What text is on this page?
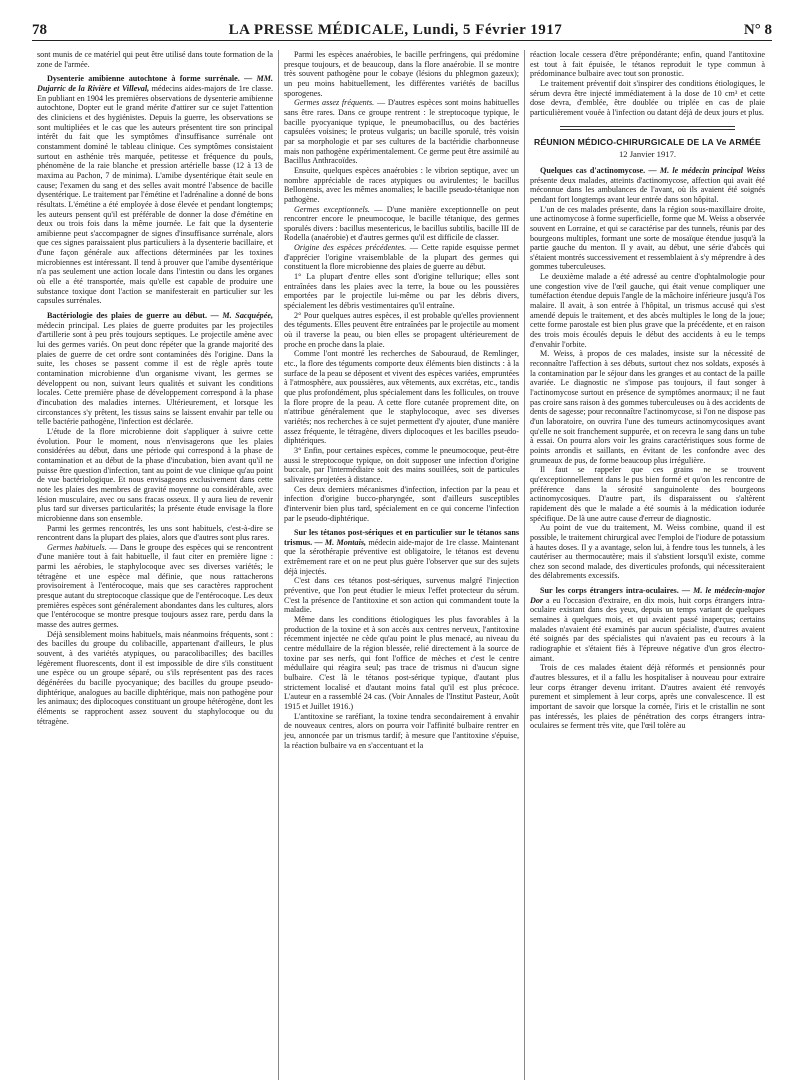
78	LA PRESSE MÉDICALE, Lundi, 5 Février 1917	N° 8

sont munis de ce matériel qui peut être utilisé dans toute formation de la zone de l'armée.

Dysenterie amibienne autochtone à forme surrénale. — MM. Dujarric de la Rivière et Villeval, médecins aides-majors de 1re classe. En publiant en 1904 les premières observations de dysenterie amibienne autochtone, Dopter eut le grand mérite d'attirer sur ce sujet l'attention des cliniciens et des hygiénistes. Depuis la guerre, les observations se sont multipliées et le cas que les auteurs présentent tire son principal intérêt du fait que les symptômes d'insuffisance surrénale ont constamment dominé le tableau clinique. Ces symptômes consistaient surtout en asthénie très marquée, petitesse et fréquence du pouls, phénomène de la raie blanche et pression artérielle basse (12 à 13 de maxima au Pachon, 7 de minima). L'amibe dysentérique était seule en cause; l'examen du sang et des selles avait montré l'absence de bacille dysentérique. Le traitement par l'émétine et l'adrénaline a donné de bons résultats. L'émétine a été employée à dose élevée et pendant longtemps; les auteurs pensent qu'il est préférable de donner la dose d'émétine en deux ou trois fois dans la même journée. Le fait que la dysenterie amibienne peut s'accompagner de signes d'insuffisance surrénale, alors que ces signes paraissaient plus particuliers à la dysenterie bacillaire, et d'une façon générale aux affections déterminées par les toxines microbiennes est intéressant. Il tend à prouver que l'amibe dysentérique n'a pas seulement une action locale dans l'intestin ou dans les organes où elle a été transportée, mais qu'elle est capable de produire une substance toxique dont l'action se manifesterait en particulier sur les capsules surrénales.

Bactériologie des plaies de guerre au début. — M. Sacquépée, médecin principal. Les plaies de guerre produites par les projectiles d'artillerie sont à peu près toujours septiques. Le projectile amène avec lui des germes variés. On peut donc répéter que la grande majorité des plaies de guerre de cet ordre sont contaminées dès l'origine. Dans la suite, les choses se passent comme il est de règle après toute contamination microbienne d'un organisme vivant, les germes se développent ou non, suivant leurs qualités et suivant les conditions locales. Cette première phase de développement correspond à la phase d'incubation des maladies internes. Ultérieurement, et lorsque les circonstances s'y prêtent, les tissus sains se laissent envahir par telle ou telle bactérie pathogène, l'infection est déclarée.

L'étude de la flore microbienne doit s'appliquer à suivre cette évolution. Pour le moment, nous n'envisagerons que les plaies considérées au début, dans une période qui correspond à la phase de contamination et au début de la phase d'incubation, bien avant qu'il ne puisse être question d'infection, tant au point de vue clinique qu'au point de vue bactériologique. Et nous envisageons exclusivement dans cette note les plaies des membres de gravité moyenne ou considérable, avec lésion musculaire, avec ou sans fracas osseux. Il y aura lieu de revenir plus tard sur diverses particularités; la présente étude envisage la flore microbienne dans son ensemble.

Parmi les germes rencontrés, les uns sont habituels, c'est-à-dire se rencontrent dans la plupart des plaies, alors que d'autres sont plus rares.

Germes habituels. — Dans le groupe des espèces qui se rencontrent d'une manière tout à fait habituelle, il faut citer en première ligne : parmi les aérobies, le staphylocoque avec ses diverses variétés; le tétragène et une espèce mal définie, que nous rattacherons provisoirement à l'entérocoque, mais que ses caractères rapprochent presque autant du streptocoque classique que de l'entérocoque. Les deux premières espèces sont généralement abondantes dans les cultures, alors que l'entérocoque se montre presque toujours assez rare, perdu dans la masse des autres germes.

Déjà sensiblement moins habituels, mais néanmoins fréquents, sont : des bacilles du groupe du colibacille, appartenant d'ailleurs, le plus souvent, à des variétés atypiques, ou paracolibacilles; des bacilles légèrement fluorescents, dont il est impossible de dire s'ils constituent une espèce ou un groupe séparé, ou s'ils représentent pas des races dégénérées du bacille pyocyanique; des bacilles du groupe pseudo-diphtérique, analogues au bacille diphtérique, mais non pathogène pour les animaux; des diplocoques constituant un groupe hétérogène, dont les éléments se rapprochent assez souvent du staphylocoque ou du tétragène.

Parmi les espèces anaérobies, le bacille perfringens, qui prédomine presque toujours, et de beaucoup, dans la flore anaérobie. Il se montre très souvent pathogène pour le cobaye (lésions du phlegmon gazeux); un peu moins habituellement, les différentes variétés de bacillus sporogenes.

Germes assez fréquents. — D'autres espèces sont moins habituelles sans être rares. Dans ce groupe rentrent : le streptocoque typique, le bacille pyocyanique typique, le pneumobacillus, ou des bactéries capsulées voisines; le proteus vulgaris; un bacille sporulé, très voisin par sa morphologie et par ses cultures de la bactéridie charbonneuse mais non pathogène expérimentalement. Ce germe peut être assimilé au Bacillus Anthracoïdes.

Ensuite, quelques espèces anaérobies : le vibrion septique, avec un nombre appréciable de races atypiques ou avirulentes; le bacillus Bellonensis, avec les mêmes anomalies; le bacille pseudo-tétanique non pathogène.

Germes exceptionnels. — D'une manière exceptionnelle on peut rencontrer encore le pneumocoque, le bacille tétanique, des germes sporulés divers : bacillus mesentericus, le bacillus subtilis, bacille III de Rodella (anaérobie) et d'autres germes qu'il est difficile de classer.

Origine des espèces précédentes. — Cette rapide esquisse permet d'apprécier l'origine vraisemblable de la plupart des germes qui constituent la flore microbienne des plaies de guerre au début.

1° La plupart d'entre elles sont d'origine tellurique; elles sont entraînées dans les plaies avec la terre, la boue ou les poussières emportées par le projectile lui-même ou par les débris divers, spécialement les débris vestimentaires qu'il entraîne.

2° Pour quelques autres espèces, il est probable qu'elles proviennent des téguments. Elles peuvent être entraînées par le projectile au moment où il traverse la peau, ou bien elles se propagent ultérieurement de proche en proche dans la plaie.

Comme l'ont montré les recherches de Sabouraud, de Remlinger, etc., la flore des téguments comporte deux éléments bien distincts : à la surface de la peau se déposent et vivent des espèces variées, empruntées à l'atmosphère, aux poussières, aux vêtements, aux excrétas, etc., tandis que plus profondément, plus spécialement dans les follicules, on trouve la flore propre de la peau. A cette flore cutanée proprement dite, on n'attribue généralement que le staphylocoque, avec ses diverses variétés; nos recherches à ce sujet permettent d'y ajouter, d'une manière assez fréquente, le tétragène, divers diplocoques et les bacilles pseudo-diphtériques.

3° Enfin, pour certaines espèces, comme le pneumocoque, peut-être aussi le streptocoque typique, on doit supposer une infection d'origine buccale, par l'intermédiaire soit des mains souillées, soit de particules salivaires projetées à distance.

Ces deux derniers mécanismes d'infection, infection par la peau et infection d'origine bucco-pharyngée, sont d'ailleurs susceptibles d'intervenir bien plus tard, spécialement en ce qui concerne l'infection par le pseudo-diphtérique.

Sur les tétanos post-sériques et en particulier sur le tétanos sans trismus. — M. Montais, médecin aide-major de 1re classe. Maintenant que la sérothérapie préventive est obligatoire, le tétanos est devenu extrêmement rare et on ne peut plus guère l'observer que sur des sujets déjà injectés.

C'est dans ces tétanos post-sériques, survenus malgré l'injection préventive, que l'on peut étudier le mieux l'effet protecteur du sérum. C'est la présence de l'antitoxine et son action qui commandent toute la maladie.

Même dans les conditions étiologiques les plus favorables à la production de la toxine et à son accès aux centres nerveux, l'antitoxine récemment injectée ne cède qu'au point le plus menacé, au niveau du centre médullaire de la région blessée, relié directement à la source de toxine par ses nerfs, qui font l'office de mèches et c'est le centre médullaire qui réagira seul; pas trace de trismus ni d'aucun signe bulbaire. C'est là le tétanos post-sérique typique, d'autant plus strictement localisé et d'autant moins fatal qu'il est plus précoce. L'auteur en a rassemblé 24 cas. (Voir Annales de l'Institut Pasteur, Août 1915 et Juillet 1916.)

L'antitoxine se raréfiant, la toxine tendra secondairement à envahir de nouveaux centres, alors on pourra voir l'affinité bulbaire rentrer en jeu, annoncée par un trismus tardif; à mesure que l'antitoxine s'épuise, la réaction bulbaire va en s'accentuant et la

réaction locale cessera d'être prépondérante; enfin, quand l'antitoxine est tout à fait épuisée, le tétanos reproduit le type commun à prédominance bulbaire avec tout son pronostic.

Le traitement préventif doit s'inspirer des conditions étiologiques, le sérum devra être injecté immédiatement à la dose de 10 cm³ et cette dose devra, d'emblée, être doublée ou triplée en cas de plaie particulièrement vouée à l'infection ou datant déjà de deux jours et plus.

RÉUNION MÉDICO-CHIRURGICALE DE LA Ve ARMÉE
12 Janvier 1917.

Quelques cas d'actinomycose. — M. le médecin principal Weiss présente deux malades, atteints d'actinomycose, affection qui avait été méconnue dans les ambulances de l'avant, où ils avaient été soignés pendant fort longtemps avant leur entrée dans son hôpital.

L'un de ces malades présente, dans la région sous-maxillaire droite, une actinomycose à forme superficielle, forme que M. Weiss a observée souvent en Lorraine, et qui se caractérise par des tunnels, réunis par des bourgeons multiples, formant une sorte de mosaïque étendue jusqu'à la partie gauche du menton. Il y avait, au début, une série d'abcès qui s'étaient montrés successivement et ressemblaient à s'y méprendre à des gommes tuberculeuses.

Le deuxième malade a été adressé au centre d'ophtalmologie pour une congestion vive de l'œil gauche, qui était venue compliquer une tuméfaction étendue depuis l'angle de la mâchoire inférieure jusqu'à l'os malaire. Il avait, à son entrée à l'hôpital, un trismus accusé qui s'est amendé depuis le traitement, et des abcès multiples le long de la joue; cette forme parostale est bien plus grave que la précédente, et en raison des trois mois écoulés depuis le début des accidents à eu le temps d'envahir l'orbite.

M. Weiss, à propos de ces malades, insiste sur la nécessité de reconnaître l'affection à ses débuts, surtout chez nos soldats, exposés à la contamination par le séjour dans les granges et au contact de la paille avariée. Le diagnostic ne s'impose pas toujours, il faut songer à l'actinomycose surtout en présence de symptômes anormaux; il ne faut pas croire sans raison à des gommes tuberculeuses ou à des accidents de dents de sagesse; pour reconnaître l'actinomycose, si l'on ne dispose pas d'un laboratoire, on ouvrira l'une des tumeurs actinomycosiques avant qu'elle ne soit franchement suppurée, et on recevra le sang dans un tube à essai. On pourra alors voir les grains caractéristiques sous forme de points arrondis et saillants, en évitant de les confondre avec des grumeaux de pus, de forme beaucoup plus irrégulière.

Il faut se rappeler que ces grains ne se trouvent qu'exceptionnellement dans le pus bien formé et qu'on les rencontre de préférence dans la sérosité sanguinolente des bourgeons actinomycosiques. D'autre part, ils disparaissent ou s'altèrent rapidement dès que le malade a été soumis à la médication iodurée spécifique. De là une autre cause d'erreur de diagnostic.

Au point de vue du traitement, M. Weiss combine, quand il est possible, le traitement chirurgical avec l'emploi de l'iodure de potassium à hautes doses. Il y a avantage, selon lui, à fendre tous les tunnels, à les cautériser au thermocautère; mais il s'abstient lorsqu'il existe, comme chez son second malade, des diverticules profonds, qui nécessiteraient des délabrements excessifs.

Sur les corps étrangers intra-oculaires. — M. le médecin-major Dor a eu l'occasion d'extraire, en dix mois, huit corps étrangers intra-oculaire existant dans des yeux, depuis un temps variant de quelques semaines à quelques mois, et qui avaient passé inaperçus; certains malades n'avaient été examinés par aucun spécialiste, d'autres avaient été soignés par des spécialistes qui n'avaient pas eu recours à la radiographie et s'étaient fiés à l'épreuve négative d'un gros électro-aimant.

Trois de ces malades étaient déjà réformés et pensionnés pour d'autres blessures, et il a fallu les hospitaliser à nouveau pour extraire leur corps étranger devenu irritant. D'autres avaient été renvoyés purement et simplement à leur corps, après une convalescence. Il est important de savoir que lorsque la cornée, l'iris et le cristallin ne sont pas intéressés, les plaies de pénétration des corps étrangers intra-oculaires se ferment très vite, que l'œil tolère au
